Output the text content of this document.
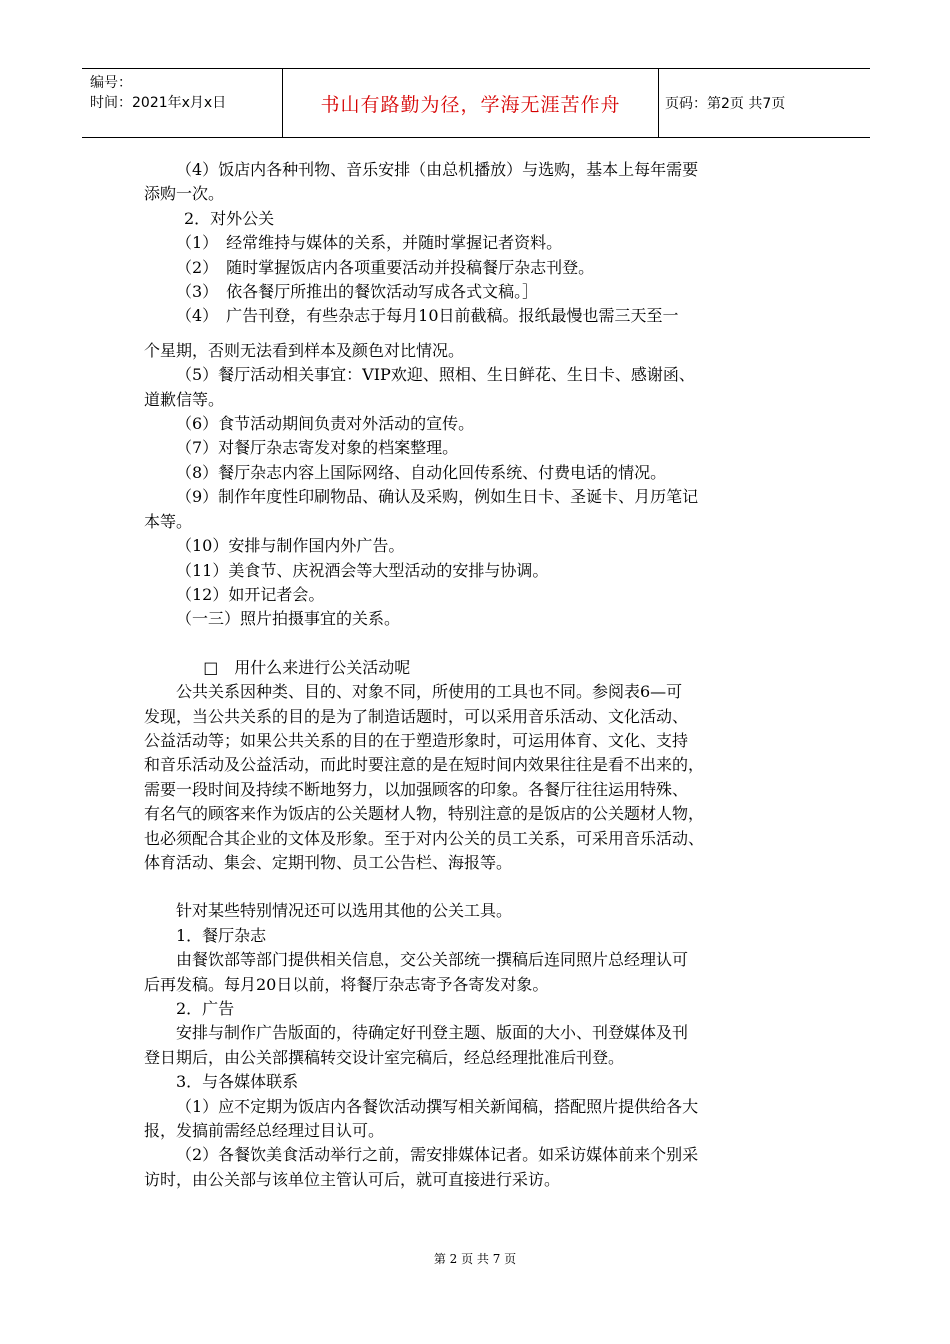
编号：
时间：2021年x月x日	书山有路勤为径，学海无涯苦作舟	页码：第2页 共7页

（4）饭店内各种刊物、音乐安排（由总机播放）与选购，基本上每年需要

添购一次。

2．对外公关

（1）　经常维持与媒体的关系，并随时掌握记者资料。

（2）　随时掌握饭店内各项重要活动并投稿餐厅杂志刊登。

（3）　依各餐厅所推出的餐饮活动写成各式文稿。］

（4）　广告刊登，有些杂志于每月10日前截稿。报纸最慢也需三天至一

个星期，否则无法看到样本及颜色对比情况。

（5）餐厅活动相关事宜：VIP欢迎、照相、生日鲜花、生日卡、感谢函、

道歉信等。

（6）食节活动期间负责对外活动的宣传。

（7）对餐厅杂志寄发对象的档案整理。

（8）餐厅杂志内容上国际网络、自动化回传系统、付费电话的情况。

（9）制作年度性印刷物品、确认及采购，例如生日卡、圣诞卡、月历笔记

本等。

（10）安排与制作国内外广告。

（11）美食节、庆祝酒会等大型活动的安排与协调。

（12）如开记者会。

（一三）照片拍摄事宜的关系。

□　用什么来进行公关活动呢

公共关系因种类、目的、对象不同，所使用的工具也不同。参阅表6—可

发现，当公共关系的目的是为了制造话题时，可以采用音乐活动、文化活动、

公益活动等；如果公共关系的目的在于塑造形象时，可运用体育、文化、支持

和音乐活动及公益活动，而此时要注意的是在短时间内效果往往是看不出来的，

需要一段时间及持续不断地努力，以加强顾客的印象。各餐厅往往运用特殊、

有名气的顾客来作为饭店的公关题材人物，特别注意的是饭店的公关题材人物，

也必须配合其企业的文体及形象。至于对内公关的员工关系，可采用音乐活动、

体育活动、集会、定期刊物、员工公告栏、海报等。

针对某些特别情况还可以选用其他的公关工具。

1．餐厅杂志

由餐饮部等部门提供相关信息，交公关部统一撰稿后连同照片总经理认可

后再发稿。每月20日以前，将餐厅杂志寄予各寄发对象。

2．广告

安排与制作广告版面的，待确定好刊登主题、版面的大小、刊登媒体及刊

登日期后，由公关部撰稿转交设计室完稿后，经总经理批准后刊登。

3．与各媒体联系

（1）应不定期为饭店内各餐饮活动撰写相关新闻稿，搭配照片提供给各大

报，发搞前需经总经理过目认可。

（2）各餐饮美食活动举行之前，需安排媒体记者。如采访媒体前来个别采

访时，由公关部与该单位主管认可后，就可直接进行采访。

第 2 页 共 7 页
